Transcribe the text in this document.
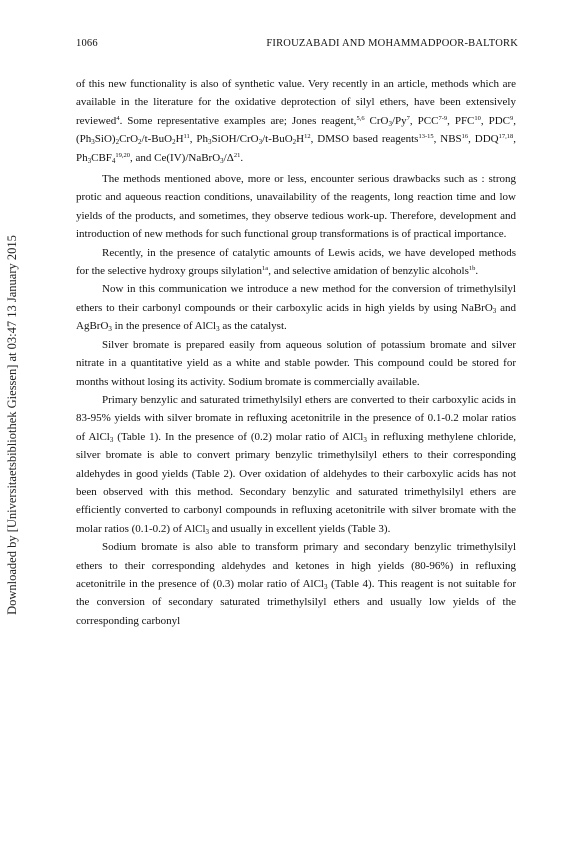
Downloaded by [Universitaetsbibliothek Giessen] at 03:47 13 January 2015
1066	FIROUZABADI AND MOHAMMADPOOR-BALTORK

of this new functionality is also of synthetic value. Very recently in an article, methods which are available in the literature for the oxidative deprotection of silyl ethers, have been extensively reviewed$^4$. Some representative examples are; Jones reagent,$^{5,6}$ $CrO_3/Py^7$, PCC$^{7-9}$, PFC$^{10}$, PDC$^9$, $(Ph_3SiO)_2CrO_2/t-BuO_2H^{11}$, $Ph_3SiOH/CrO_3/t-BuO_2H^{12}$, DMSO based reagents$^{13-15}$, NBS$^{16}$, DDQ$^{17,18}$, $Ph_3CBF_4^{19,20}$, and $Ce(IV)/NaBrO_3/\Delta^{21}$.

The methods mentioned above, more or less, encounter serious drawbacks such as : strong protic and aqueous reaction conditions, unavailability of the reagents, long reaction time and low yields of the products, and sometimes, they observe tedious work-up. Therefore, development and introduction of new methods for such functional group transformations is of practical importance.

Recently, in the presence of catalytic amounts of Lewis acids, we have developed methods for the selective hydroxy groups silylation$^{1a}$, and selective amidation of benzylic alcohols$^{1b}$.

Now in this communication we introduce a new method for the conversion of trimethylsilyl ethers to their carbonyl compounds or their carboxylic acids in high yields by using NaBrO$_3$ and AgBrO$_3$ in the presence of AlCl$_3$ as the catalyst.

Silver bromate is prepared easily from aqueous solution of potassium bromate and silver nitrate in a quantitative yield as a white and stable powder. This compound could be stored for months without losing its activity. Sodium bromate is commercially available.

Primary benzylic and saturated trimethylsilyl ethers are converted to their carboxylic acids in 83-95% yields with silver bromate in refluxing acetonitrile in the presence of 0.1-0.2 molar ratios of AlCl$_3$ (Table 1). In the presence of (0.2) molar ratio of AlCl$_3$ in refluxing methylene chloride, silver bromate is able to convert primary benzylic trimethylsilyl ethers to their corresponding aldehydes in good yields (Table 2). Over oxidation of aldehydes to their carboxylic acids has not been observed with this method. Secondary benzylic and saturated trimethylsilyl ethers are efficiently converted to carbonyl compounds in refluxing acetonitrile with silver bromate with the molar ratios (0.1-0.2) of AlCl$_3$ and usually in excellent yields (Table 3).

Sodium bromate is also able to transform primary and secondary benzylic trimethylsilyl ethers to their corresponding aldehydes and ketones in high yields (80-96%) in refluxing acetonitrile in the presence of (0.3) molar ratio of AlCl$_3$ (Table 4). This reagent is not suitable for the conversion of secondary saturated trimethylsilyl ethers and usually low yields of the corresponding carbonyl
